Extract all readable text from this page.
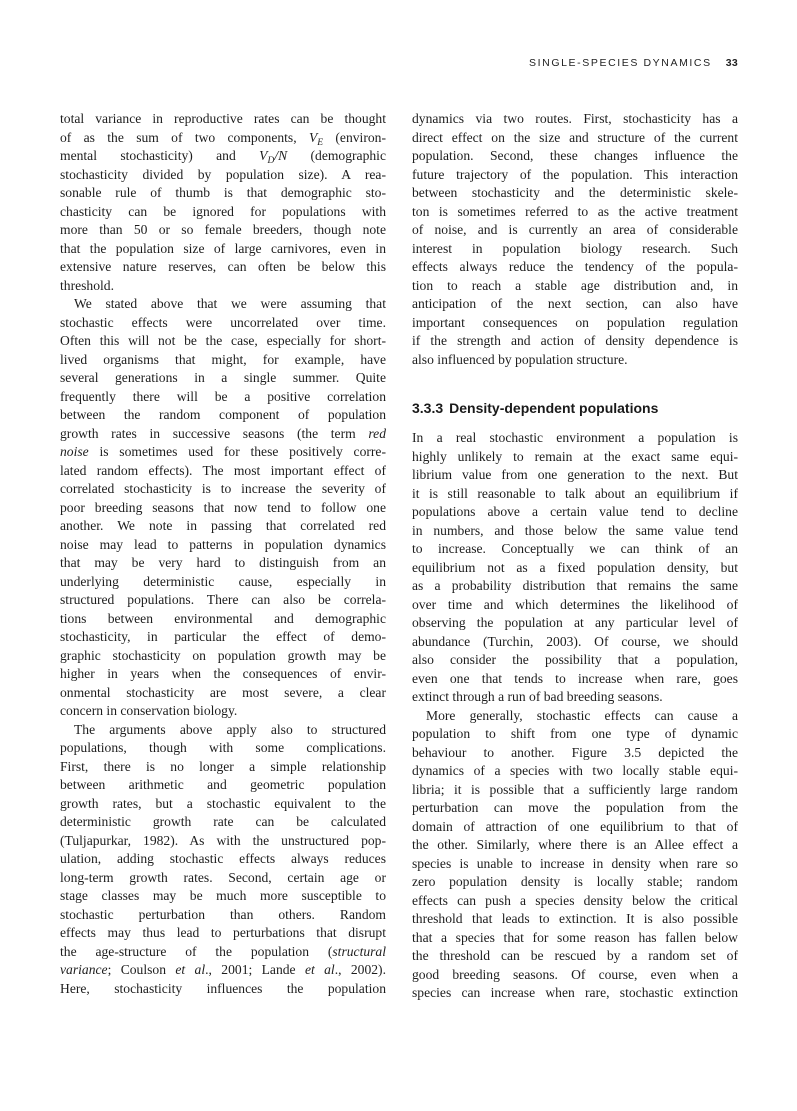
SINGLE-SPECIES DYNAMICS 33

total variance in reproductive rates can be thought
of as the sum of two components, $V_E$ (environ-
mental stochasticity) and $V_D/N$ (demographic
stochasticity divided by population size). A rea-
sonable rule of thumb is that demographic sto-
chasticity can be ignored for populations with
more than 50 or so female breeders, though note
that the population size of large carnivores, even in
extensive nature reserves, can often be below this
threshold.

We stated above that we were assuming that
stochastic effects were uncorrelated over time.
Often this will not be the case, especially for short-
lived organisms that might, for example, have
several generations in a single summer. Quite
frequently there will be a positive correlation
between the random component of population
growth rates in successive seasons (the term red
noise is sometimes used for these positively corre-
lated random effects). The most important effect of
correlated stochasticity is to increase the severity of
poor breeding seasons that now tend to follow one
another. We note in passing that correlated red
noise may lead to patterns in population dynamics
that may be very hard to distinguish from an
underlying deterministic cause, especially in
structured populations. There can also be correla-
tions between environmental and demographic
stochasticity, in particular the effect of demo-
graphic stochasticity on population growth may be
higher in years when the consequences of envir-
onmental stochasticity are most severe, a clear
concern in conservation biology.

The arguments above apply also to structured
populations, though with some complications.
First, there is no longer a simple relationship
between arithmetic and geometric population
growth rates, but a stochastic equivalent to the
deterministic growth rate can be calculated
(Tuljapurkar, 1982). As with the unstructured pop-
ulation, adding stochastic effects always reduces
long-term growth rates. Second, certain age or
stage classes may be much more susceptible to
stochastic perturbation than others. Random
effects may thus lead to perturbations that disrupt
the age-structure of the population (structural
variance; Coulson et al., 2001; Lande et al., 2002).
Here, stochasticity influences the population

dynamics via two routes. First, stochasticity has a
direct effect on the size and structure of the current
population. Second, these changes influence the
future trajectory of the population. This interaction
between stochasticity and the deterministic skele-
ton is sometimes referred to as the active treatment
of noise, and is currently an area of considerable
interest in population biology research. Such
effects always reduce the tendency of the popula-
tion to reach a stable age distribution and, in
anticipation of the next section, can also have
important consequences on population regulation
if the strength and action of density dependence is
also influenced by population structure.

3.3.3 Density-dependent populations

In a real stochastic environment a population is
highly unlikely to remain at the exact same equi-
librium value from one generation to the next. But
it is still reasonable to talk about an equilibrium if
populations above a certain value tend to decline
in numbers, and those below the same value tend
to increase. Conceptually we can think of an
equilibrium not as a fixed population density, but
as a probability distribution that remains the same
over time and which determines the likelihood of
observing the population at any particular level of
abundance (Turchin, 2003). Of course, we should
also consider the possibility that a population,
even one that tends to increase when rare, goes
extinct through a run of bad breeding seasons.

More generally, stochastic effects can cause a
population to shift from one type of dynamic
behaviour to another. Figure 3.5 depicted the
dynamics of a species with two locally stable equi-
libria; it is possible that a sufficiently large random
perturbation can move the population from the
domain of attraction of one equilibrium to that of
the other. Similarly, where there is an Allee effect a
species is unable to increase in density when rare so
zero population density is locally stable; random
effects can push a species density below the critical
threshold that leads to extinction. It is also possible
that a species that for some reason has fallen below
the threshold can be rescued by a random set of
good breeding seasons. Of course, even when a
species can increase when rare, stochastic extinction
